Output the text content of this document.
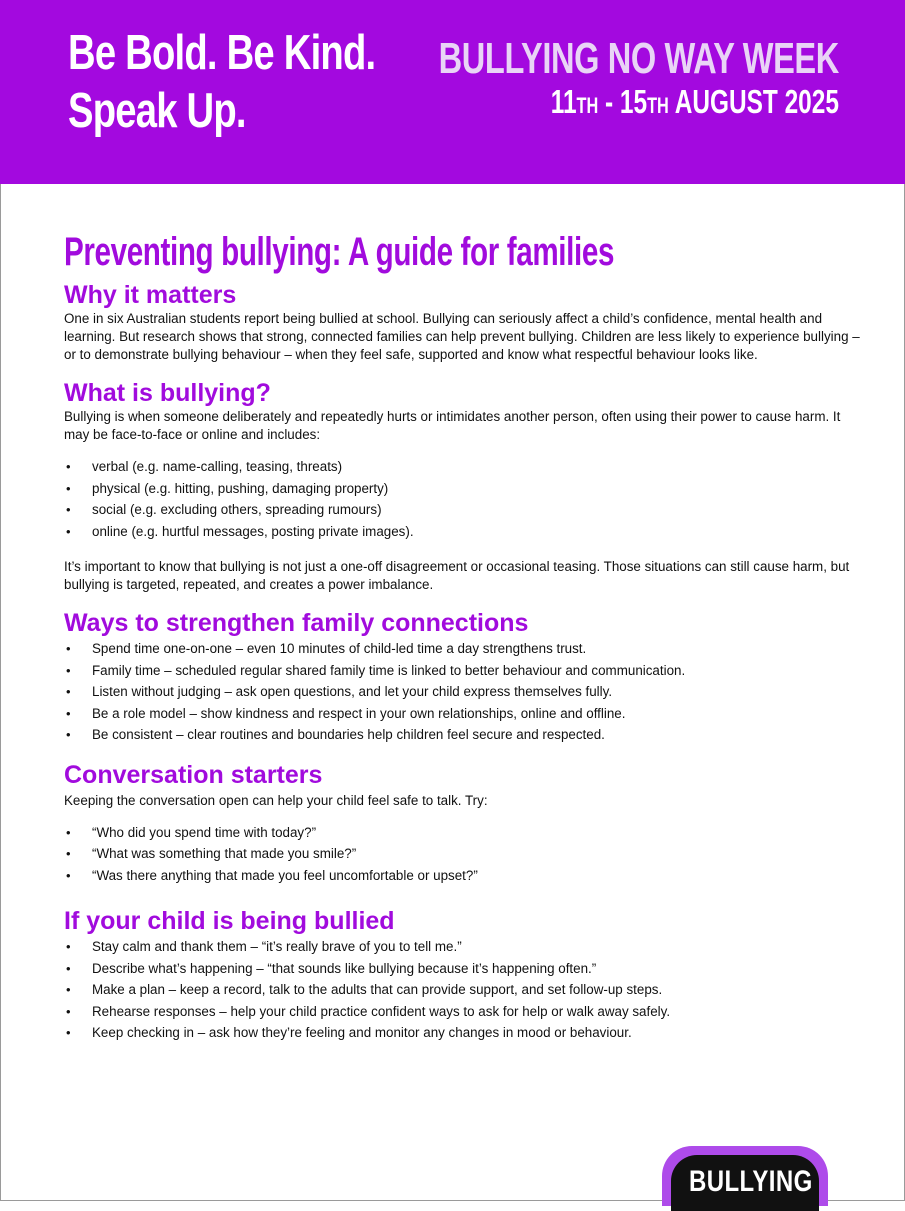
Be Bold. Be Kind.
Speak Up.
BULLYING NO WAY WEEK
11TH - 15TH AUGUST 2025
Preventing bullying: A guide for families
Why it matters

One in six Australian students report being bullied at school. Bullying can seriously affect a child’s confidence, mental health and learning. But research shows that strong, connected families can help prevent bullying. Children are less likely to experience bullying – or to demonstrate bullying behaviour – when they feel safe, supported and know what respectful behaviour looks like.

What is bullying?

Bullying is when someone deliberately and repeatedly hurts or intimidates another person, often using their power to cause harm. It may be face-to-face or online and includes:

• verbal (e.g. name-calling, teasing, threats)
• physical (e.g. hitting, pushing, damaging property)
• social (e.g. excluding others, spreading rumours)
• online (e.g. hurtful messages, posting private images).

It’s important to know that bullying is not just a one-off disagreement or occasional teasing. Those situations can still cause harm, but bullying is targeted, repeated, and creates a power imbalance.

Ways to strengthen family connections
• Spend time one-on-one – even 10 minutes of child-led time a day strengthens trust.
• Family time – scheduled regular shared family time is linked to better behaviour and communication.
• Listen without judging – ask open questions, and let your child express themselves fully.
• Be a role model – show kindness and respect in your own relationships, online and offline.
• Be consistent – clear routines and boundaries help children feel secure and respected.
Conversation starters

Keeping the conversation open can help your child feel safe to talk. Try:

• “Who did you spend time with today?”
• “What was something that made you smile?”
• “Was there anything that made you feel uncomfortable or upset?”
If your child is being bullied
• Stay calm and thank them – “it’s really brave of you to tell me.”
• Describe what’s happening – “that sounds like bullying because it’s happening often.”
• Make a plan – keep a record, talk to the adults that can provide support, and set follow-up steps.
• Rehearse responses – help your child practice confident ways to ask for help or walk away safely.
• Keep checking in – ask how they’re feeling and monitor any changes in mood or behaviour.
BULLYING
